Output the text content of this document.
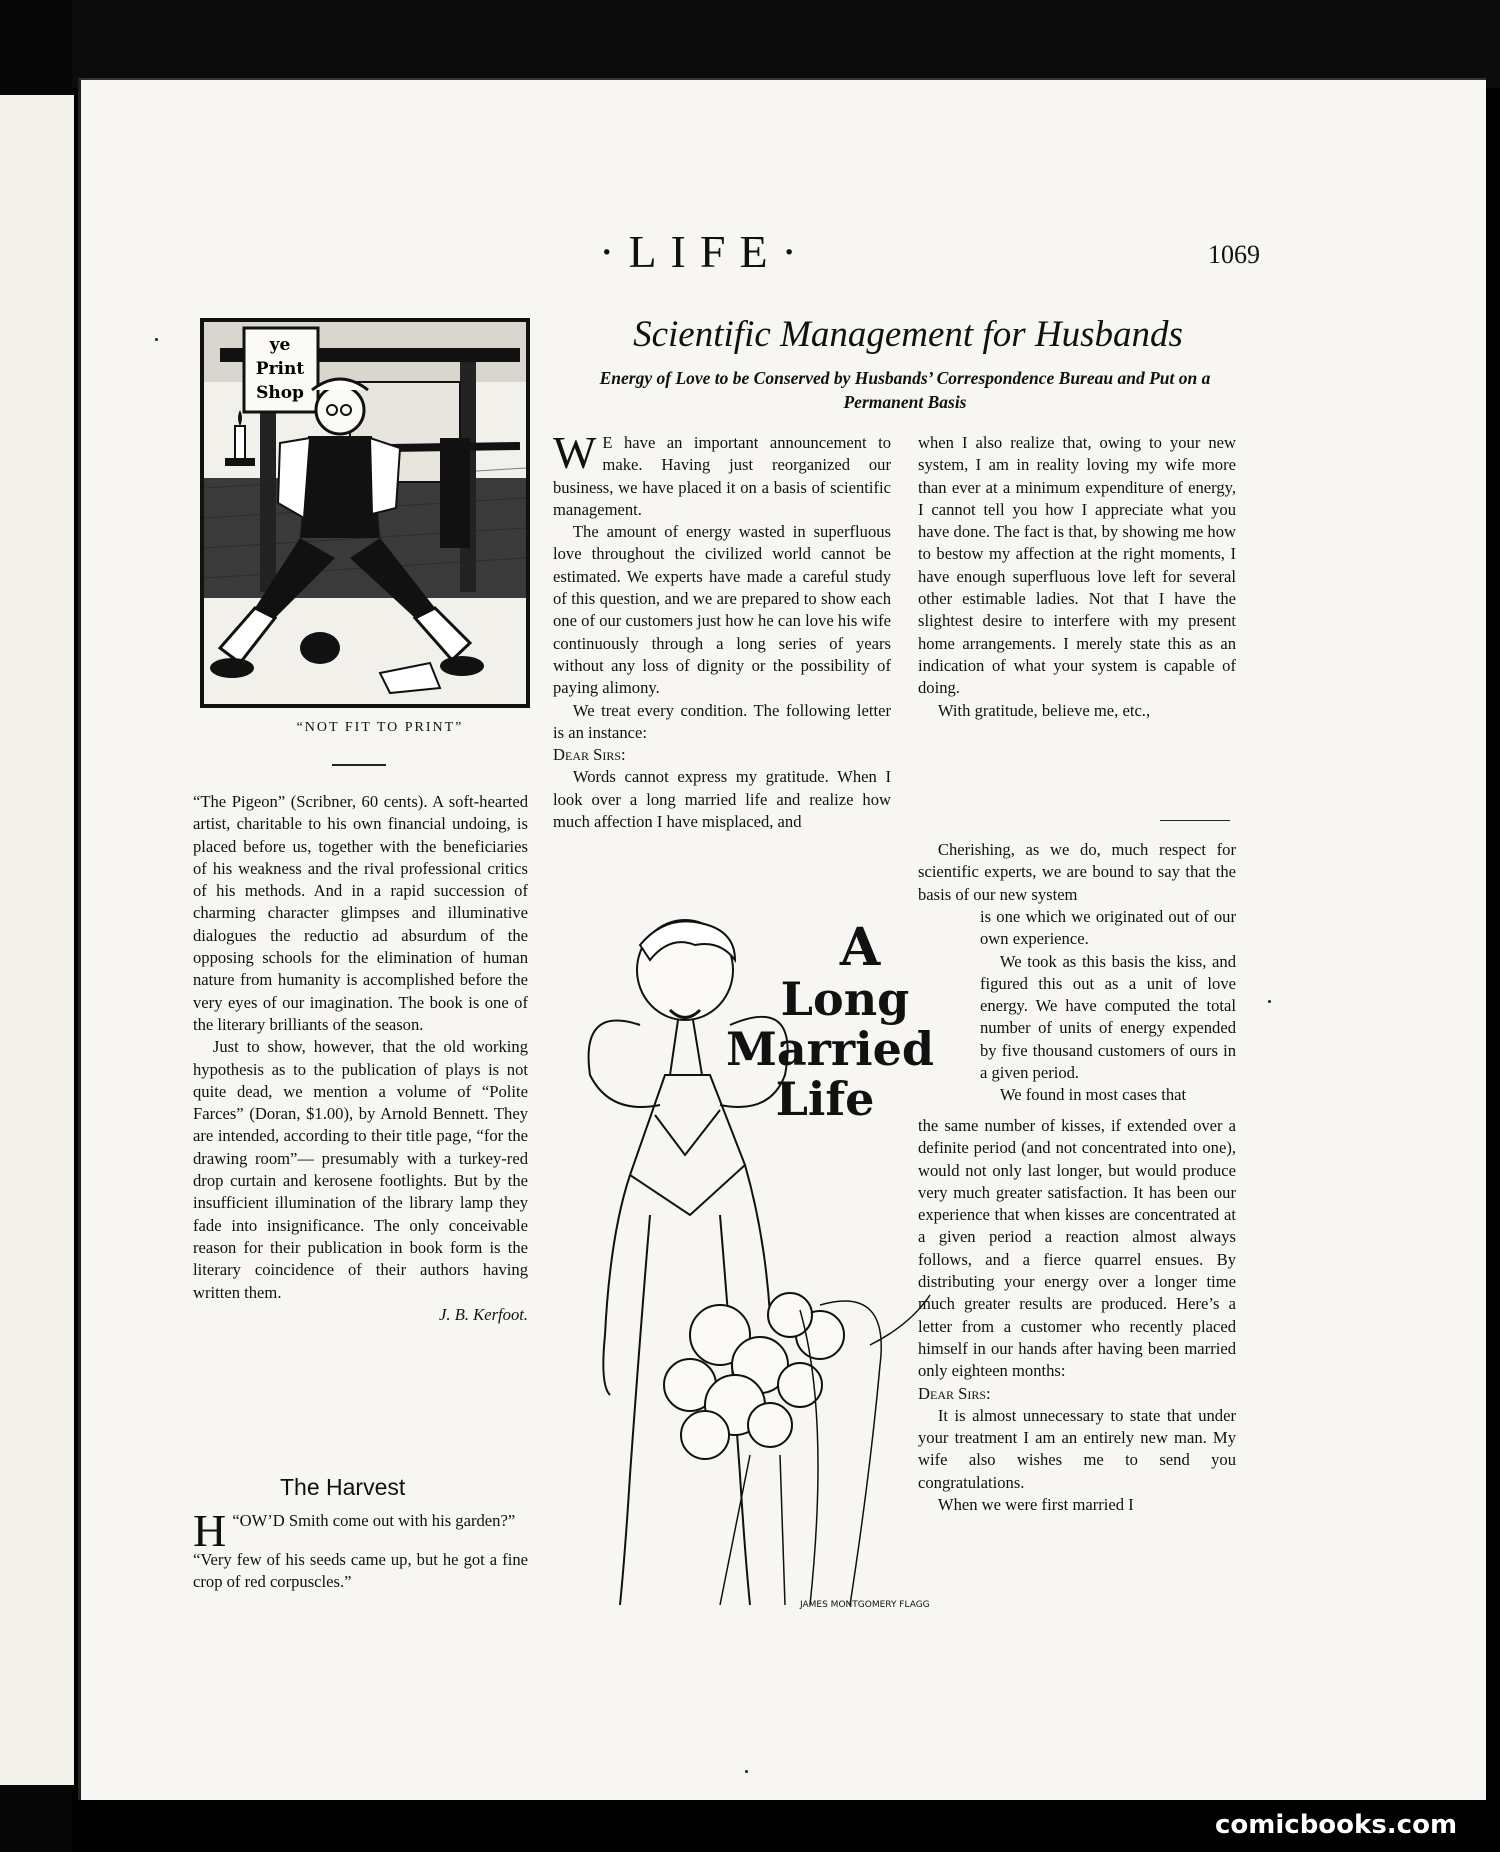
·LIFE·	1069
ye
Print
Shop
“NOT FIT TO PRINT”

“The Pigeon” (Scribner, 60 cents). A soft-hearted artist, charitable to his own financial undoing, is placed before us, together with the beneficiaries of his weakness and the rival professional critics of his methods. And in a rapid succession of charming character glimpses and illuminative dialogues the reductio ad absurdum of the opposing schools for the elimination of human nature from humanity is accomplished before the very eyes of our imagination. The book is one of the literary brilliants of the season.

Just to show, however, that the old working hypothesis as to the publication of plays is not quite dead, we mention a volume of “Polite Farces” (Doran, $1.00), by Arnold Bennett. They are intended, according to their title page, “for the drawing room”— presumably with a turkey-red drop curtain and kerosene footlights. But by the insufficient illumination of the library lamp they fade into insignificance. The only conceivable reason for their publication in book form is the literary coincidence of their authors having written them.

J. B. Kerfoot.

The Harvest

“
H OW’D Smith come out with his garden?”

“Very few of his seeds came up, but he got a fine crop of red corpuscles.”

Scientific Management for Husbands
Energy of Love to be Conserved by Husbands’ Correspondence Bureau and Put on a Permanent Basis

W E have an important announcement to make. Having just reorganized our business, we have placed it on a basis of scientific management.

The amount of energy wasted in superfluous love throughout the civilized world cannot be estimated. We experts have made a careful study of this question, and we are prepared to show each one of our customers just how he can love his wife continuously through a long series of years without any loss of dignity or the possibility of paying alimony.

We treat every condition. The following letter is an instance:

Dear Sirs:

Words cannot express my gratitude. When I look over a long married life and realize how much affection I have misplaced, and

when I also realize that, owing to your new system, I am in reality loving my wife more than ever at a minimum expenditure of energy, I cannot tell you how I appreciate what you have done. The fact is that, by showing me how to bestow my affection at the right moments, I have enough superfluous love left for several other estimable ladies. Not that I have the slightest desire to interfere with my present home arrangements. I merely state this as an indication of what your system is capable of doing.

With gratitude, believe me, etc.,

Cherishing, as we do, much respect for scientific experts, we are bound to say that the basis of our new system

is one which we originated out of our own experience.

We took as this basis the kiss, and figured this out as a unit of love energy. We have computed the total number of units of energy expended by five thousand customers of ours in a given period.

We found in most cases that

the same number of kisses, if extended over a definite period (and not concentrated into one), would not only last longer, but would produce very much greater satisfaction. It has been our experience that when kisses are concentrated at a given period a reaction almost always follows, and a fierce quarrel ensues. By distributing your energy over a longer time much greater results are produced. Here’s a letter from a customer who recently placed himself in our hands after having been married only eighteen months:

Dear Sirs:

It is almost unnecessary to state that under your treatment I am an entirely new man. My wife also wishes me to send you congratulations.

When we were first married I

A
Long
Married
Life
JAMES MONTGOMERY FLAGG
comicbooks.com
